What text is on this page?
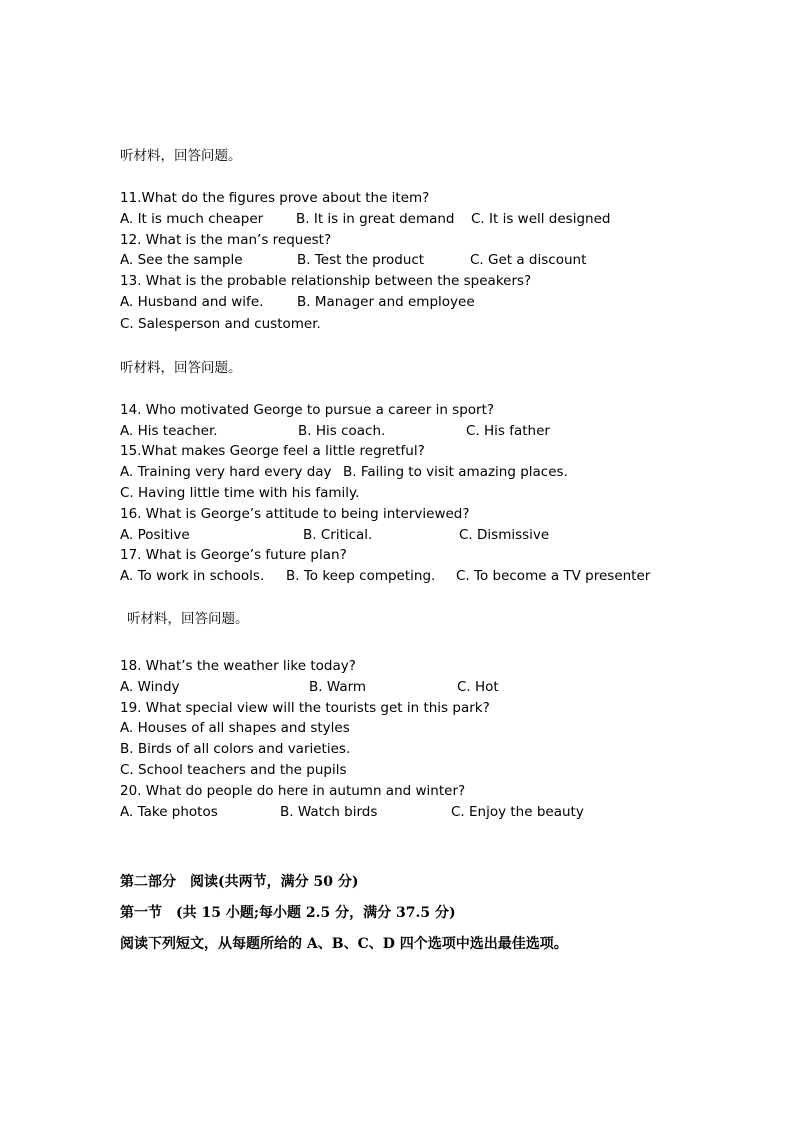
听材料，回答问题。
11.What do the figures prove about the item?
A. It is much cheaper B. It is in great demand C. It is well designed
12. What is the man’s request?
A. See the sample	B. Test the product	C. Get a discount
13. What is the probable relationship between the speakers?
A. Husband and wife. B. Manager and employee
C. Salesperson and customer.
听材料，回答问题。
14. Who motivated George to pursue a career in sport?
A. His teacher.	B. His coach.	C. His father
15.What makes George feel a little regretful?
A. Training very hard every day B. Failing to visit amazing places.
C. Having little time with his family.
16. What is George’s attitude to being interviewed?
A. Positive	B. Critical.	C. Dismissive
17. What is George’s future plan?
A. To work in schools. B. To keep competing. C. To become a TV presenter
听材料，回答问题。
18. What’s the weather like today?
A. Windy	B. Warm	C. Hot
19. What special view will the tourists get in this park?
A. Houses of all shapes and styles
B. Birds of all colors and varieties.
C. School teachers and the pupils
20. What do people do here in autumn and winter?
A. Take photos	B. Watch birds	C. Enjoy the beauty
第二部分　阅读(共两节，满分 50 分)
第一节　(共 15 小题;每小题 2.5 分，满分 37.5 分)
阅读下列短文，从每题所给的 A、B、C、D 四个选项中选出最佳选项。
